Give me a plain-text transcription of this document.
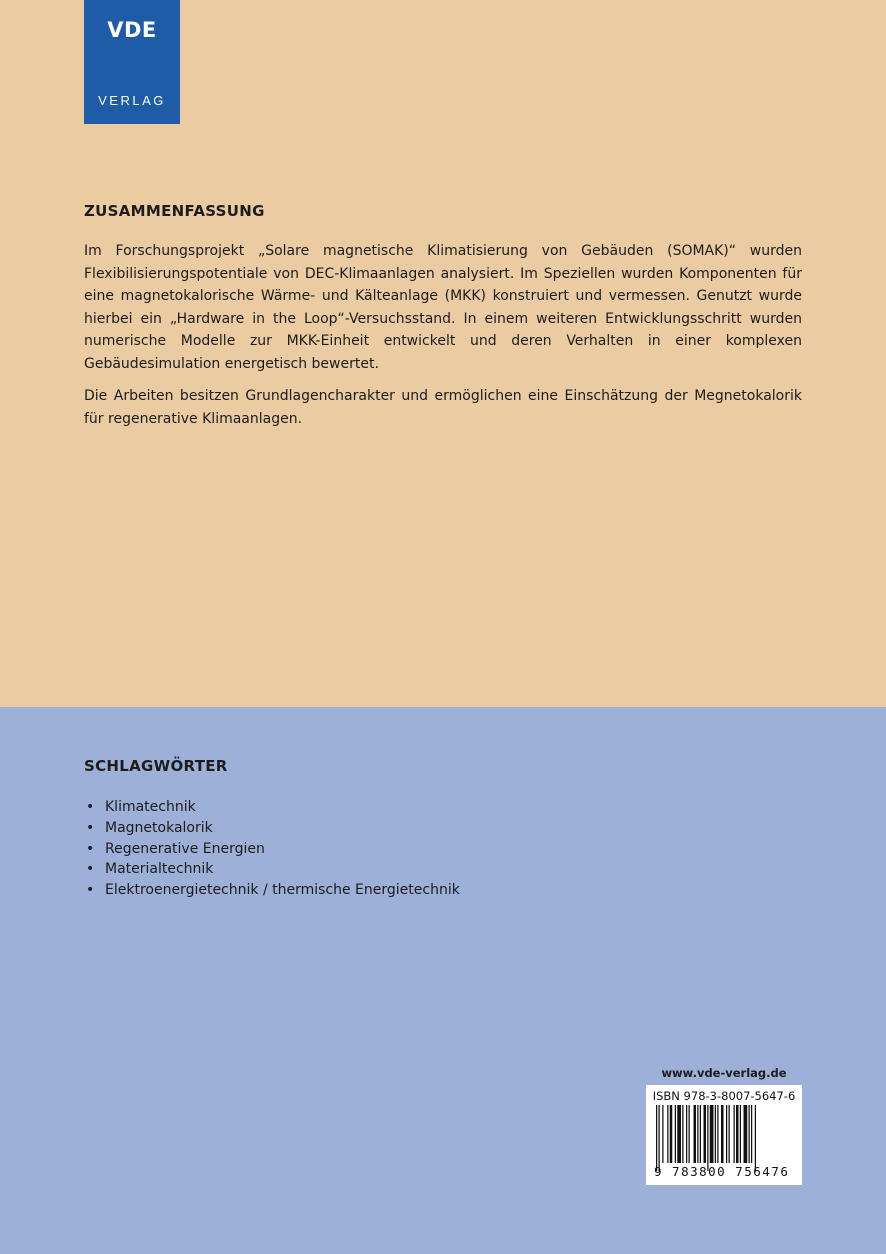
VDE
VERLAG
ZUSAMMENFASSUNG

Im Forschungsprojekt „Solare magnetische Klimatisierung von Gebäuden (SOMAK)“ wurden Flexibilisierungspotentiale von DEC-Klimaanlagen analysiert. Im Speziellen wurden Komponenten für eine magnetokalorische Wärme- und Kälteanlage (MKK) konstruiert und vermessen. Genutzt wurde hierbei ein „Hardware in the Loop“-Versuchsstand. In einem weiteren Entwicklungsschritt wurden numerische Modelle zur MKK-Einheit entwickelt und deren Verhalten in einer komplexen Gebäudesimulation energetisch bewertet.

Die Arbeiten besitzen Grundlagencharakter und ermöglichen eine Einschätzung der Megnetokalorik für regenerative Klimaanlagen.

SCHLAGWÖRTER
• Klimatechnik
• Magnetokalorik
• Regenerative Energien
• Materialtechnik
• Elektroenergietechnik / thermische Energietechnik
www.vde-verlag.de
ISBN 978-3-8007-5647-6
9 783800 756476
